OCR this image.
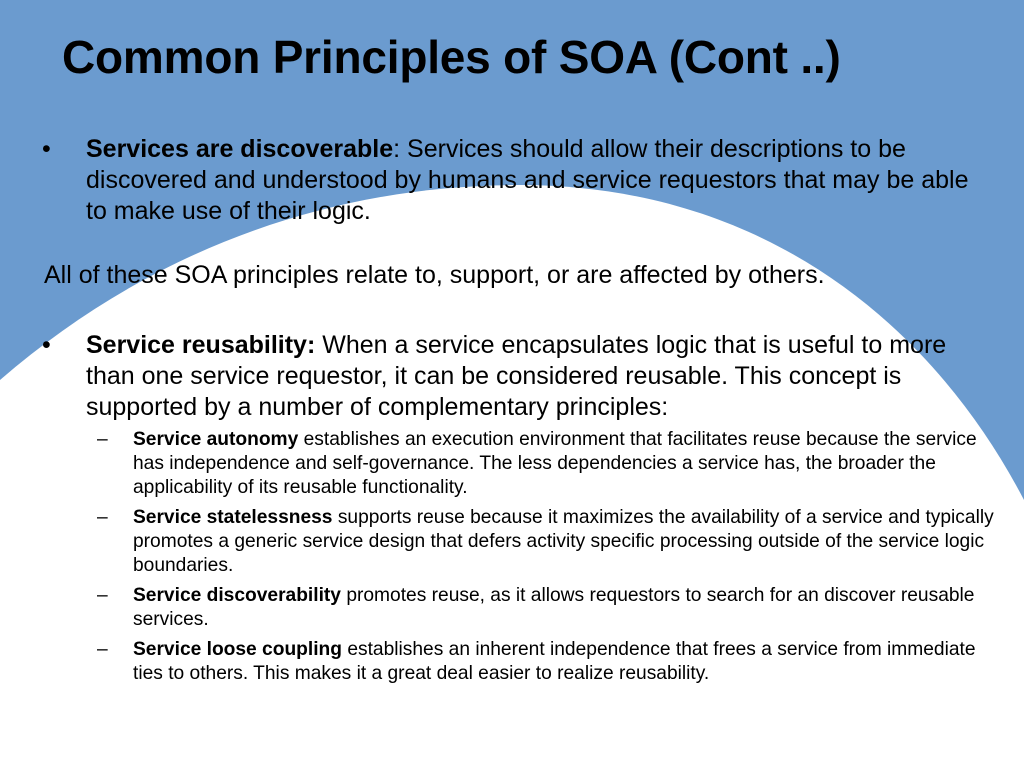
Common Principles of SOA (Cont ..)
•	Services are discoverable: Services should allow their descriptions to be discovered and understood by humans and service requestors that may be able to make use of their logic.
All of these SOA principles relate to, support, or are affected by others.
•	Service reusability: When a service encapsulates logic that is useful to more than one service requestor, it can be considered reusable. This concept is supported by a number of complementary principles:
–	Service autonomy establishes an execution environment that facilitates reuse because the service has independence and self-governance. The less dependencies a service has, the broader the applicability of its reusable functionality.
–	Service statelessness supports reuse because it maximizes the availability of a service and typically promotes a generic service design that defers activity specific processing outside of the service logic boundaries.
–	Service discoverability promotes reuse, as it allows requestors to search for an discover reusable services.
–	Service loose coupling establishes an inherent independence that frees a service from immediate ties to others. This makes it a great deal easier to realize reusability.
